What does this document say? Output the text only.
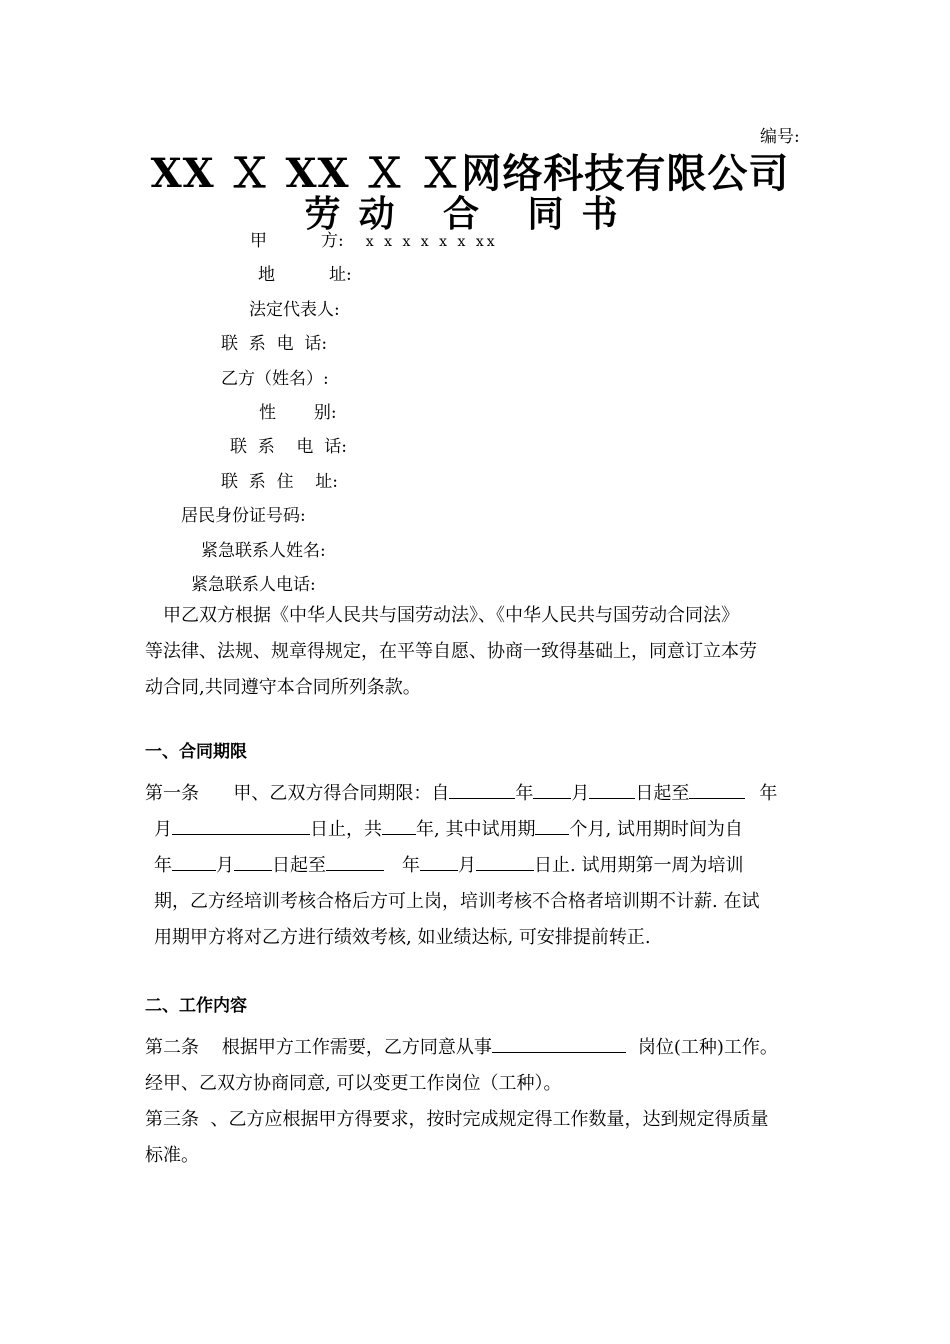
编号:
XX Ｘ XX Ｘ Ｘ网络科技有限公司
劳动 合 同书
甲          方: x x x x x x xx
地          址:
法定代表人:
联  系  电  话:
乙方（姓名）:
性       别:
联  系    电  话:
联  系  住    址:
居民身份证号码:
紧急联系人姓名:
紧急联系人电话:
甲乙双方根据《中华人民共与国劳动法》、《中华人民共与国劳动合同法》
等法律、法规、规章得规定，在平等自愿、协商一致得基础上，同意订立本劳
动合同,共同遵守本合同所列条款。
一、合同期限
第一条      甲、乙双方得合同期限：自	年 月	日起至	年
月	日止，共 年, 其中试用期 个月, 试用期时间为自
年 月 日起至	年 月	日止. 试用期第一周为培训
期，乙方经培训考核合格后方可上岗，培训考核不合格者培训期不计薪. 在试
用期甲方将对乙方进行绩效考核, 如业绩达标, 可安排提前转正.
二、工作内容
第二条    根据甲方工作需要，乙方同意从事	岗位(工种)工作。
经甲、乙双方协商同意, 可以变更工作岗位（工种）。
第三条  、乙方应根据甲方得要求，按时完成规定得工作数量，达到规定得质量
标准。
